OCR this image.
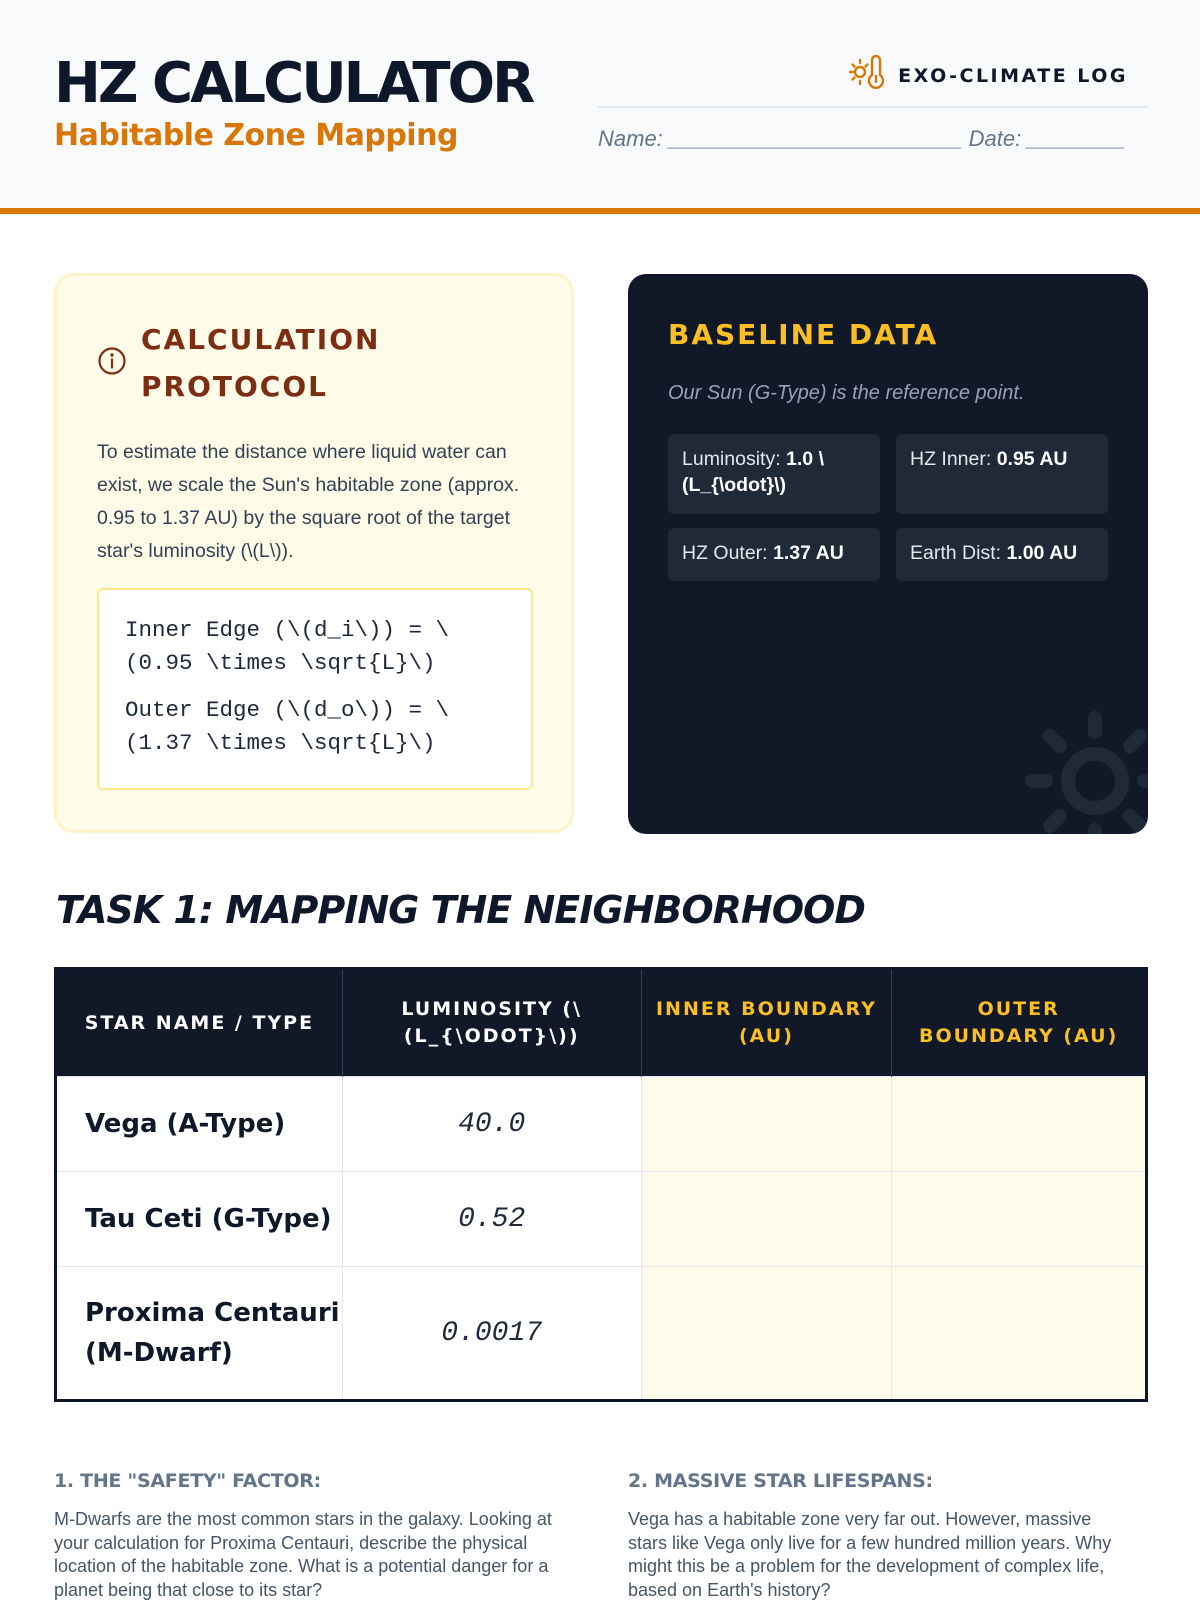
HZ CALCULATOR
Habitable Zone Mapping
EXO-CLIMATE LOG
Name: ________________________ Date: ________
CALCULATION PROTOCOL
To estimate the distance where liquid water can exist, we scale the Sun's habitable zone (approx. 0.95 to 1.37 AU) by the square root of the target star's luminosity (\(L\)).
Inner Edge (\(d_i\)) = \(0.95 \times \sqrt{L}\)
Outer Edge (\(d_o\)) = \(1.37 \times \sqrt{L}\)
BASELINE DATA
Our Sun (G-Type) is the reference point.
Luminosity: 1.0 \(L_{\odot}\)
HZ Inner: 0.95 AU
HZ Outer: 1.37 AU	Earth Dist: 1.00 AU
TASK 1: MAPPING THE NEIGHBORHOOD
STAR NAME / TYPE	LUMINOSITY (\(L_{\ODOT}\))	INNER BOUNDARY (AU)	OUTER BOUNDARY (AU)
Vega (A-Type)	40.0		
Tau Ceti (G-Type)	0.52		
Proxima Centauri (M-Dwarf)	0.0017		
1. THE "SAFETY" FACTOR:

M-Dwarfs are the most common stars in the galaxy. Looking at your calculation for Proxima Centauri, describe the physical location of the habitable zone. What is a potential danger for a planet being that close to its star?

2. MASSIVE STAR LIFESPANS:

Vega has a habitable zone very far out. However, massive stars like Vega only live for a few hundred million years. Why might this be a problem for the development of complex life, based on Earth's history?
